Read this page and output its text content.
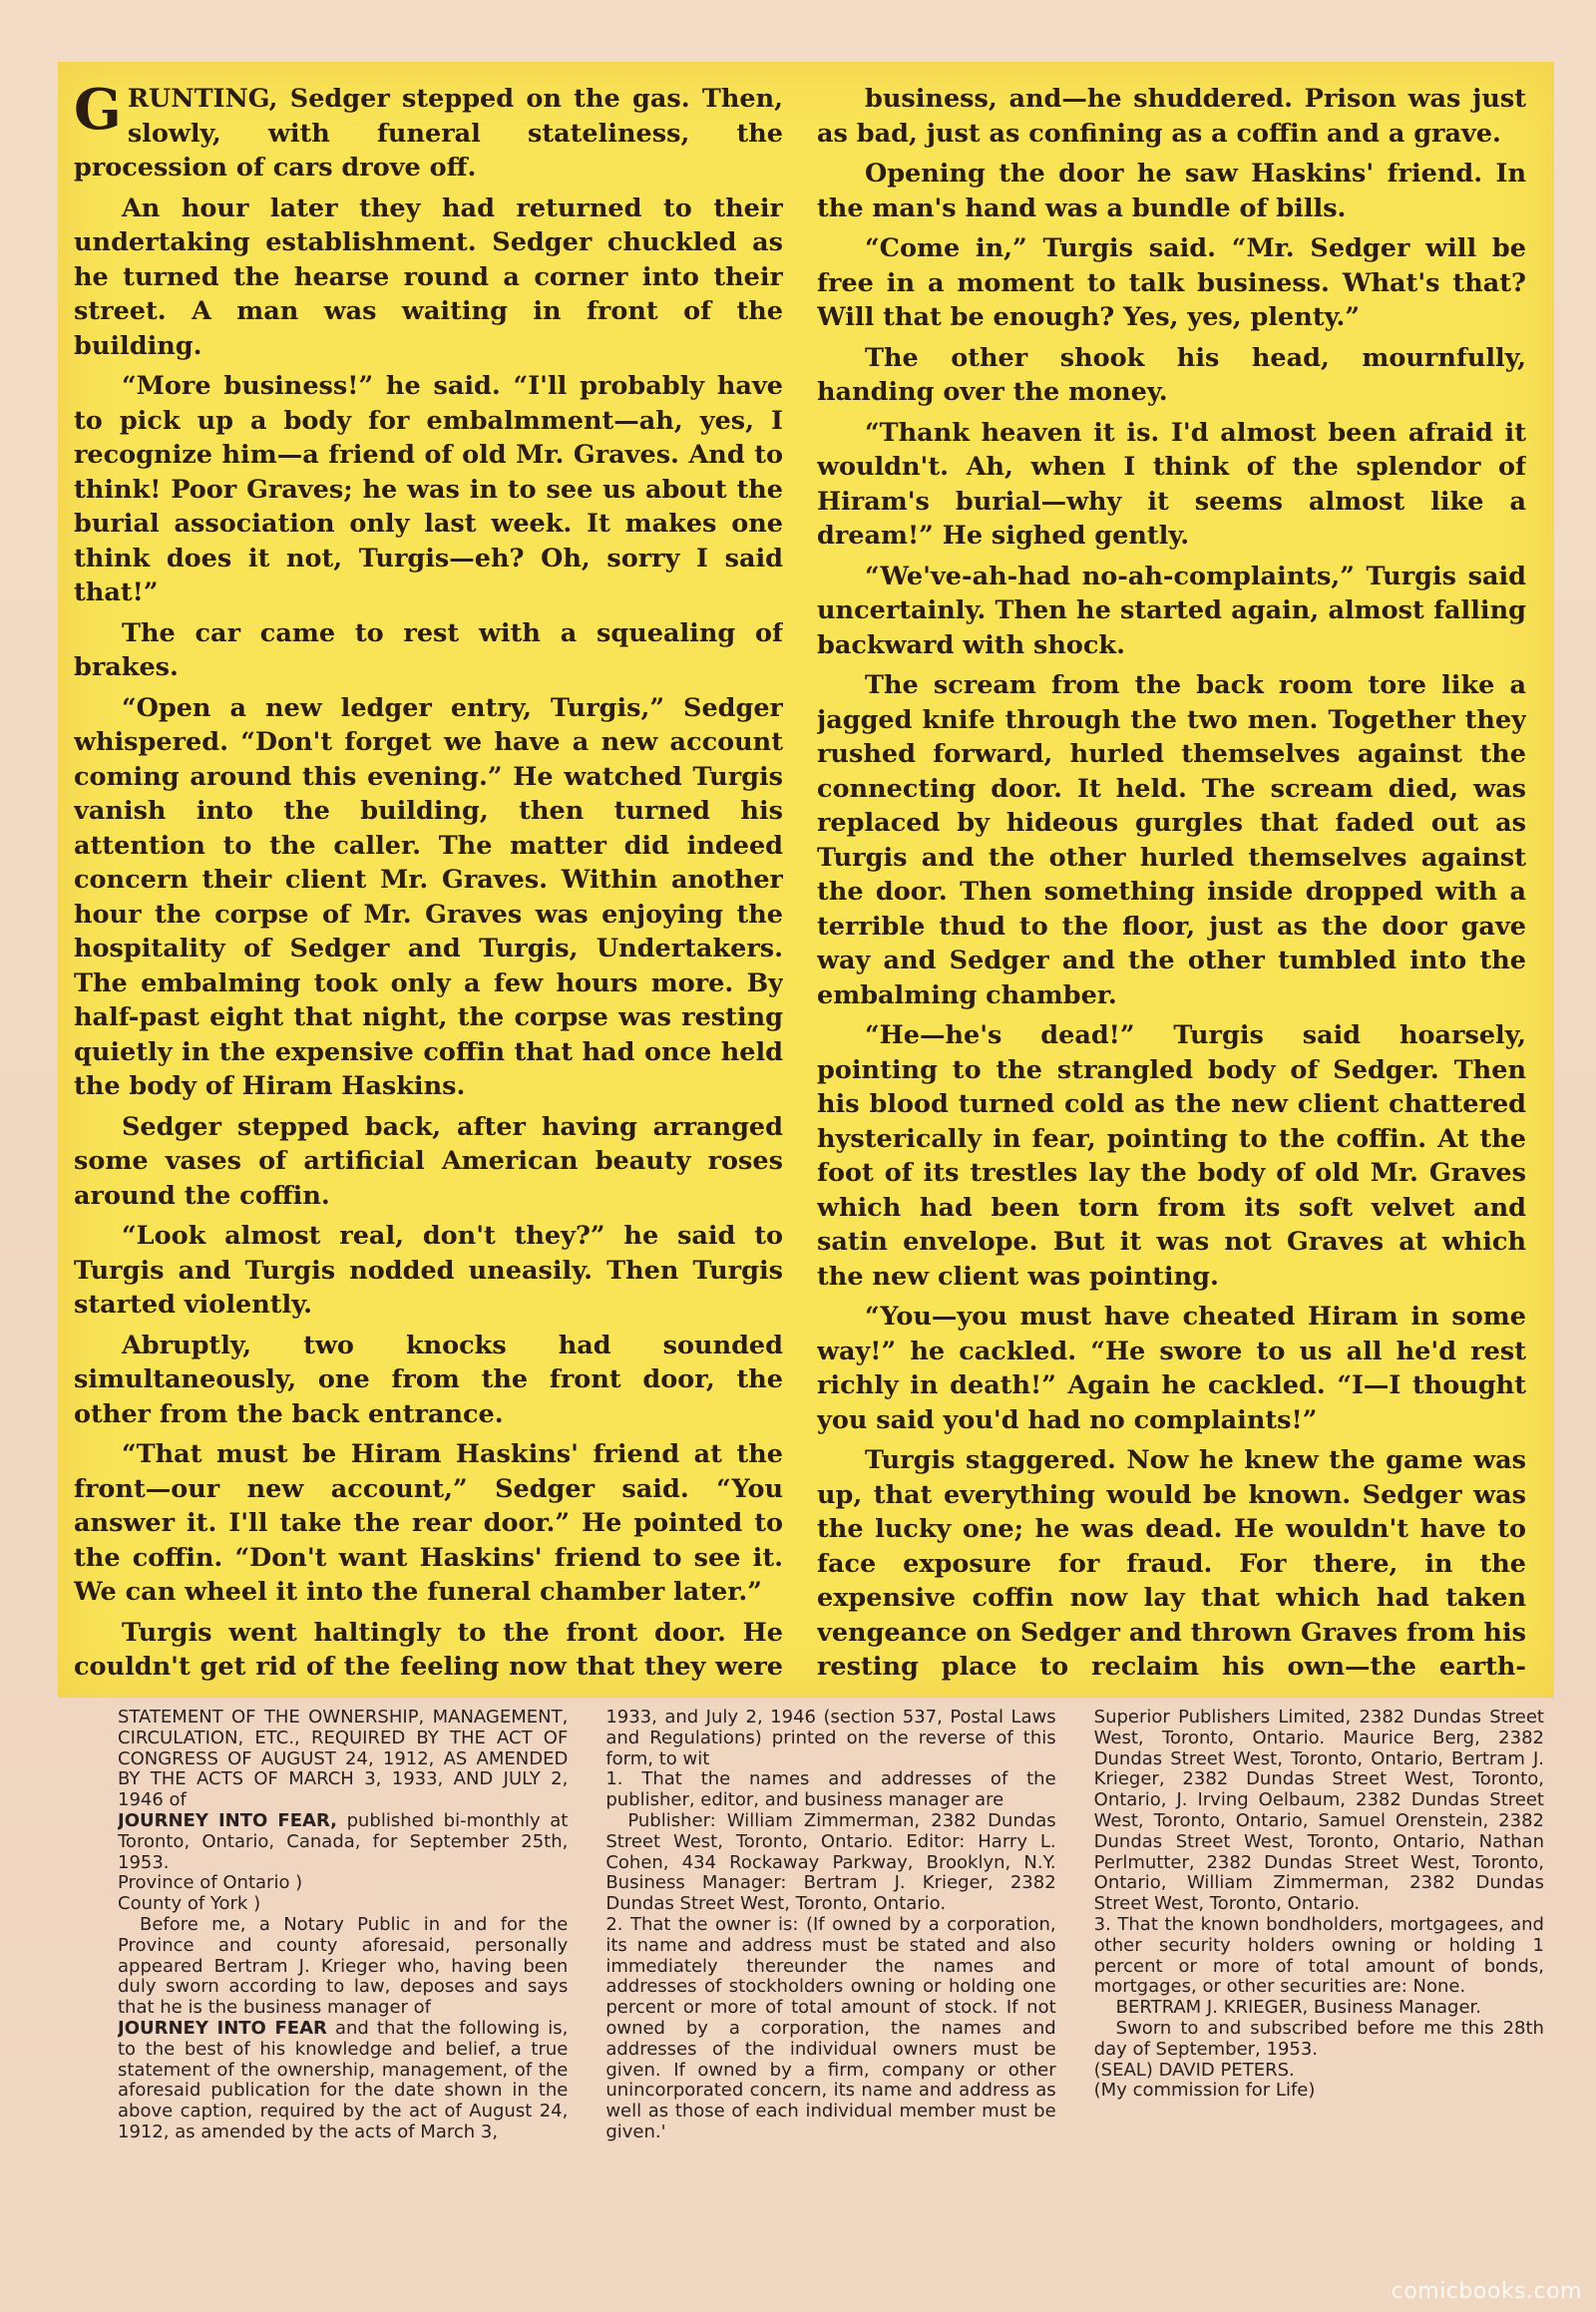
GRUNTING, Sedger stepped on the gas. Then, slowly, with funeral stateliness, the procession of cars drove off.

An hour later they had returned to their undertaking establishment. Sedger chuckled as he turned the hearse round a corner into their street. A man was waiting in front of the building.

“More business!” he said. “I'll probably have to pick up a body for embalmment—ah, yes, I recognize him—a friend of old Mr. Graves. And to think! Poor Graves; he was in to see us about the burial association only last week. It makes one think does it not, Turgis—eh? Oh, sorry I said that!”

The car came to rest with a squealing of brakes.

“Open a new ledger entry, Turgis,” Sedger whispered. “Don't forget we have a new account coming around this evening.” He watched Turgis vanish into the building, then turned his attention to the caller. The matter did indeed concern their client Mr. Graves. Within another hour the corpse of Mr. Graves was enjoying the hospitality of Sedger and Turgis, Undertakers. The embalming took only a few hours more. By half-past eight that night, the corpse was resting quietly in the expensive coffin that had once held the body of Hiram Haskins.

Sedger stepped back, after having arranged some vases of artificial American beauty roses around the coffin.

“Look almost real, don't they?” he said to Turgis and Turgis nodded uneasily. Then Turgis started violently.

Abruptly, two knocks had sounded simultaneously, one from the front door, the other from the back entrance.

“That must be Hiram Haskins' friend at the front—our new account,” Sedger said. “You answer it. I'll take the rear door.” He pointed to the coffin. “Don't want Haskins' friend to see it. We can wheel it into the funeral chamber later.”

Turgis went haltingly to the front door. He couldn't get rid of the feeling now that they were

business, and—he shuddered. Prison was just as bad, just as confining as a coffin and a grave.

Opening the door he saw Haskins' friend. In the man's hand was a bundle of bills.

“Come in,” Turgis said. “Mr. Sedger will be free in a moment to talk business. What's that? Will that be enough? Yes, yes, plenty.”

The other shook his head, mournfully, handing over the money.

“Thank heaven it is. I'd almost been afraid it wouldn't. Ah, when I think of the splendor of Hiram's burial—why it seems almost like a dream!” He sighed gently.

“We've-ah-had no-ah-complaints,” Turgis said uncertainly. Then he started again, almost falling backward with shock.

The scream from the back room tore like a jagged knife through the two men. Together they rushed forward, hurled themselves against the connecting door. It held. The scream died, was replaced by hideous gurgles that faded out as Turgis and the other hurled themselves against the door. Then something inside dropped with a terrible thud to the floor, just as the door gave way and Sedger and the other tumbled into the embalming chamber.

“He—he's dead!” Turgis said hoarsely, pointing to the strangled body of Sedger. Then his blood turned cold as the new client chattered hysterically in fear, pointing to the coffin. At the foot of its trestles lay the body of old Mr. Graves which had been torn from its soft velvet and satin envelope. But it was not Graves at which the new client was pointing.

“You—you must have cheated Hiram in some way!” he cackled. “He swore to us all he'd rest richly in death!” Again he cackled. “I—I thought you said you'd had no complaints!”

Turgis staggered. Now he knew the game was up, that everything would be known. Sedger was the lucky one; he was dead. He wouldn't have to face exposure for fraud. For there, in the expensive coffin now lay that which had taken vengeance on Sedger and thrown Graves from his resting place to reclaim his own—the earth-

STATEMENT OF THE OWNERSHIP, MANAGEMENT, CIRCULATION, ETC., REQUIRED BY THE ACT OF CONGRESS OF AUGUST 24, 1912, AS AMENDED BY THE ACTS OF MARCH 3, 1933, AND JULY 2, 1946 of

JOURNEY INTO FEAR, published bi-monthly at Toronto, Ontario, Canada, for September 25th, 1953.

Province of Ontario )

County of York )

Before me, a Notary Public in and for the Province and county aforesaid, personally appeared Bertram J. Krieger who, having been duly sworn according to law, deposes and says that he is the business manager of

JOURNEY INTO FEAR and that the following is, to the best of his knowledge and belief, a true statement of the ownership, management, of the aforesaid publication for the date shown in the above caption, required by the act of August 24, 1912, as amended by the acts of March 3,

1933, and July 2, 1946 (section 537, Postal Laws and Regulations) printed on the reverse of this form, to wit

1. That the names and addresses of the publisher, editor, and business manager are

Publisher: William Zimmerman, 2382 Dundas Street West, Toronto, Ontario. Editor: Harry L. Cohen, 434 Rockaway Parkway, Brooklyn, N.Y. Business Manager: Bertram J. Krieger, 2382 Dundas Street West, Toronto, Ontario.

2. That the owner is: (If owned by a corporation, its name and address must be stated and also immediately thereunder the names and addresses of stockholders owning or holding one percent or more of total amount of stock. If not owned by a corporation, the names and addresses of the individual owners must be given. If owned by a firm, company or other unincorporated concern, its name and address as well as those of each individual member must be given.'

Superior Publishers Limited, 2382 Dundas Street West, Toronto, Ontario. Maurice Berg, 2382 Dundas Street West, Toronto, Ontario, Bertram J. Krieger, 2382 Dundas Street West, Toronto, Ontario, J. Irving Oelbaum, 2382 Dundas Street West, Toronto, Ontario, Samuel Orenstein, 2382 Dundas Street West, Toronto, Ontario, Nathan Perlmutter, 2382 Dundas Street West, Toronto, Ontario, William Zimmerman, 2382 Dundas Street West, Toronto, Ontario.

3. That the known bondholders, mortgagees, and other security holders owning or holding 1 percent or more of total amount of bonds, mortgages, or other securities are: None.

BERTRAM J. KRIEGER, Business Manager.

Sworn to and subscribed before me this 28th day of September, 1953.

(SEAL) DAVID PETERS.

(My commission for Life)

comicbooks.com
